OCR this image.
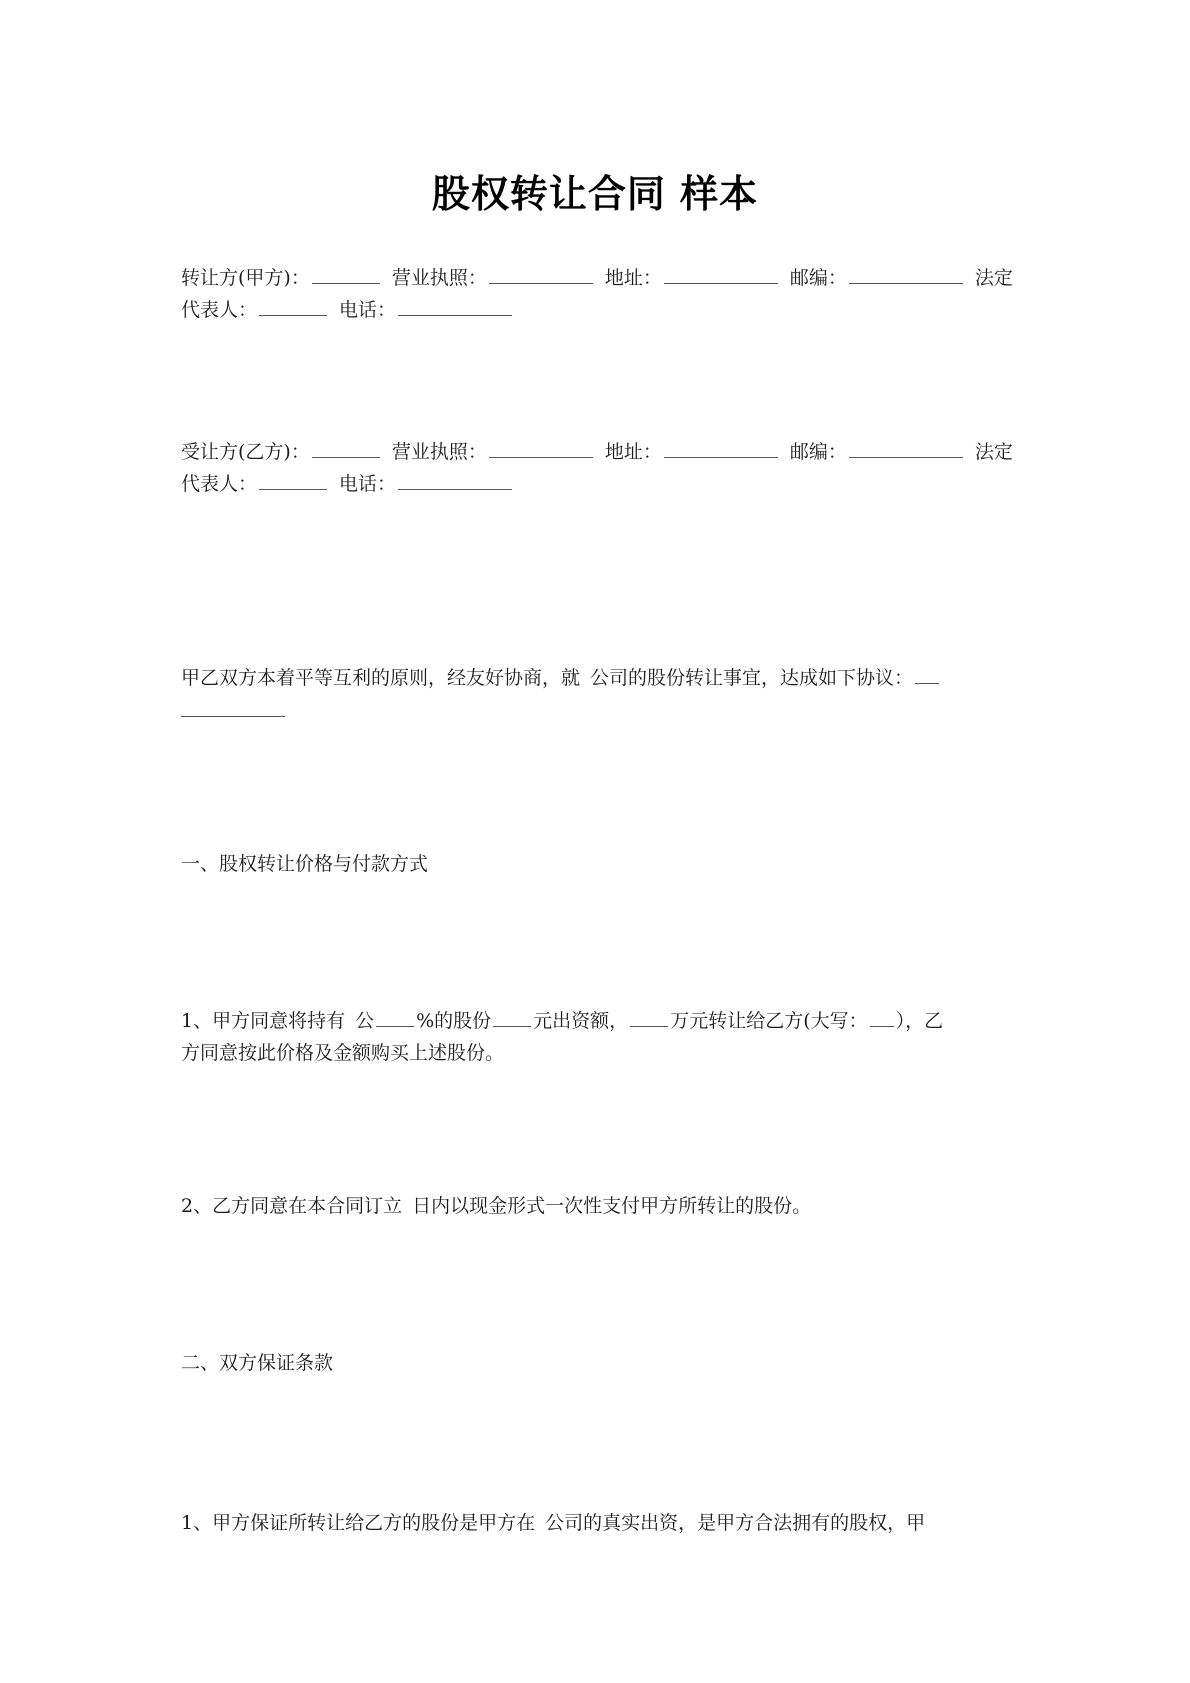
股权转让合同 样本
转让方(甲方)：	营业执照：	地址：	邮编：	法定
代表人：	电话：
受让方(乙方)：	营业执照：	地址：	邮编：	法定
代表人：	电话：
甲乙双方本着平等互利的原则，经友好协商，就 公司的股份转让事宜，达成如下协议：
一、股权转让价格与付款方式
1、甲方同意将持有 公 %的股份 元出资额， 万元转让给乙方(大写： ），乙
方同意按此价格及金额购买上述股份。
2、乙方同意在本合同订立 日内以现金形式一次性支付甲方所转让的股份。
二、双方保证条款
1、甲方保证所转让给乙方的股份是甲方在 公司的真实出资，是甲方合法拥有的股权，甲
